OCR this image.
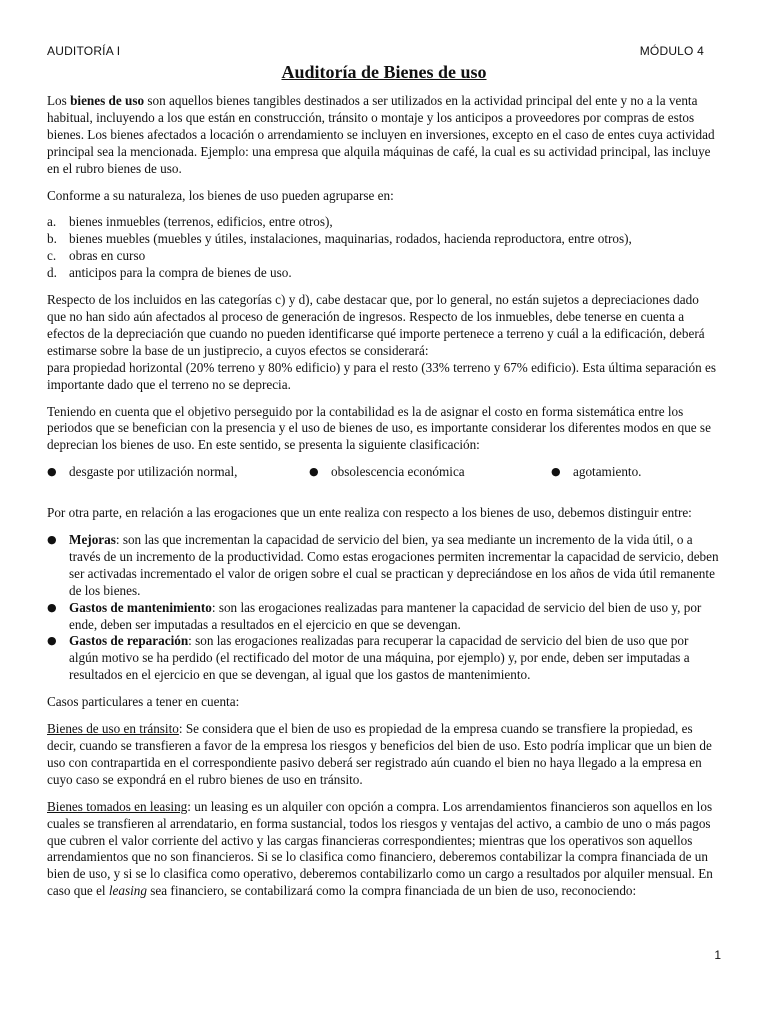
AUDITORÍA I	MÓDULO 4
Auditoría de Bienes de uso

Los bienes de uso son aquellos bienes tangibles destinados a ser utilizados en la actividad principal del ente y no a la venta habitual, incluyendo a los que están en construcción, tránsito o montaje y los anticipos a proveedores por compras de estos bienes. Los bienes afectados a locación o arrendamiento se incluyen en inversiones, excepto en el caso de entes cuya actividad principal sea la mencionada. Ejemplo: una empresa que alquila máquinas de café, la cual es su actividad principal, las incluye en el rubro bienes de uso.

Conforme a su naturaleza, los bienes de uso pueden agruparse en:

a. bienes inmuebles (terrenos, edificios, entre otros),
b. bienes muebles (muebles y útiles, instalaciones, maquinarias, rodados, hacienda reproductora, entre otros),
c. obras en curso
d. anticipos para la compra de bienes de uso.

Respecto de los incluidos en las categorías c) y d), cabe destacar que, por lo general, no están sujetos a depreciaciones dado que no han sido aún afectados al proceso de generación de ingresos. Respecto de los inmuebles, debe tenerse en cuenta a efectos de la depreciación que cuando no pueden identificarse qué importe pertenece a terreno y cuál a la edificación, deberá estimarse sobre la base de un justiprecio, a cuyos efectos se considerará:
para propiedad horizontal (20% terreno y 80% edificio) y para el resto (33% terreno y 67% edificio). Esta última separación es importante dado que el terreno no se deprecia.

Teniendo en cuenta que el objetivo perseguido por la contabilidad es la de asignar el costo en forma sistemática entre los periodos que se benefician con la presencia y el uso de bienes de uso, es importante considerar los diferentes modos en que se deprecian los bienes de uso. En este sentido, se presenta la siguiente clasificación:

● desgaste por utilización normal,	● obsolescencia económica	● agotamiento.

Por otra parte, en relación a las erogaciones que un ente realiza con respecto a los bienes de uso, debemos distinguir entre:

● Mejoras: son las que incrementan la capacidad de servicio del bien, ya sea mediante un incremento de la vida útil, o a través de un incremento de la productividad. Como estas erogaciones permiten incrementar la capacidad de servicio, deben ser activadas incrementado el valor de origen sobre el cual se practican y depreciándose en los años de vida útil remanente de los bienes.
● Gastos de mantenimiento: son las erogaciones realizadas para mantener la capacidad de servicio del bien de uso y, por ende, deben ser imputadas a resultados en el ejercicio en que se devengan.
● Gastos de reparación: son las erogaciones realizadas para recuperar la capacidad de servicio del bien de uso que por algún motivo se ha perdido (el rectificado del motor de una máquina, por ejemplo) y, por ende, deben ser imputadas a resultados en el ejercicio en que se devengan, al igual que los gastos de mantenimiento.

Casos particulares a tener en cuenta:

Bienes de uso en tránsito: Se considera que el bien de uso es propiedad de la empresa cuando se transfiere la propiedad, es decir, cuando se transfieren a favor de la empresa los riesgos y beneficios del bien de uso. Esto podría implicar que un bien de uso con contrapartida en el correspondiente pasivo deberá ser registrado aún cuando el bien no haya llegado a la empresa en cuyo caso se expondrá en el rubro bienes de uso en tránsito.

Bienes tomados en leasing: un leasing es un alquiler con opción a compra. Los arrendamientos financieros son aquellos en los cuales se transfieren al arrendatario, en forma sustancial, todos los riesgos y ventajas del activo, a cambio de uno o más pagos que cubren el valor corriente del activo y las cargas financieras correspondientes; mientras que los operativos son aquellos arrendamientos que no son financieros. Si se lo clasifica como financiero, deberemos contabilizar la compra financiada de un bien de uso, y si se lo clasifica como operativo, deberemos contabilizarlo como un cargo a resultados por alquiler mensual. En caso que el leasing sea financiero, se contabilizará como la compra financiada de un bien de uso, reconociendo:

1
